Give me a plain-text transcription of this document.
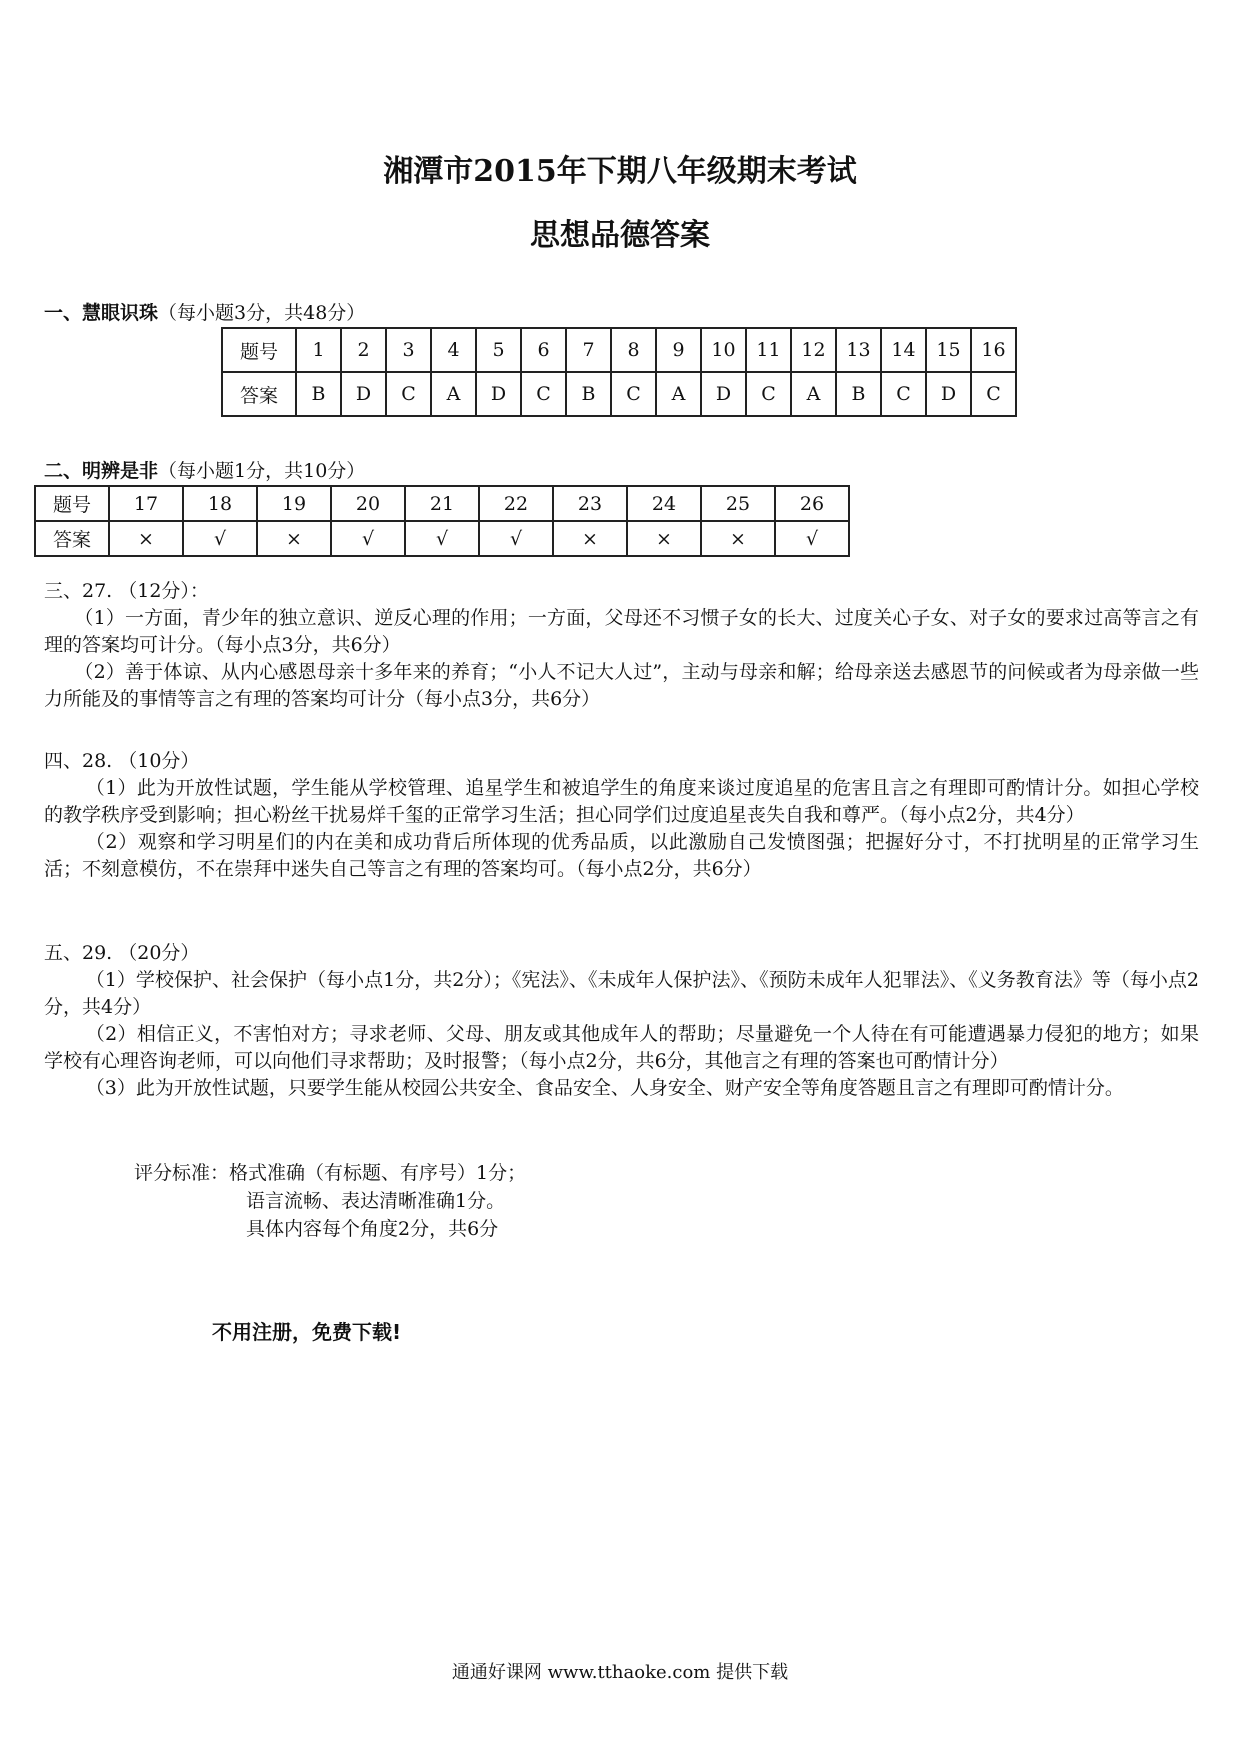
湘潭市2015年下期八年级期末考试
思想品德答案
一、慧眼识珠（每小题3分，共48分）
题号	1	2	3	4	5	6	7	8	9	10	11	12	13	14	15	16
答案	B	D	C	A	D	C	B	C	A	D	C	A	B	C	D	C
二、明辨是非（每小题1分，共10分）
题号	17	18	19	20	21	22	23	24	25	26
答案	×	√	×	√	√	√	×	×	×	√

三、27. （12分）：

（1）一方面，青少年的独立意识、逆反心理的作用；一方面，父母还不习惯子女的长大、过度关心子女、对子女的要求过高等言之有理的答案均可计分。（每小点3分，共6分）

（2）善于体谅、从内心感恩母亲十多年来的养育；“小人不记大人过”，主动与母亲和解；给母亲送去感恩节的问候或者为母亲做一些力所能及的事情等言之有理的答案均可计分（每小点3分，共6分）

四、28. （10分）

（1）此为开放性试题，学生能从学校管理、追星学生和被追学生的角度来谈过度追星的危害且言之有理即可酌情计分。如担心学校的教学秩序受到影响；担心粉丝干扰易烊千玺的正常学习生活；担心同学们过度追星丧失自我和尊严。（每小点2分，共4分）

（2）观察和学习明星们的内在美和成功背后所体现的优秀品质，以此激励自己发愤图强；把握好分寸，不打扰明星的正常学习生活；不刻意模仿，不在崇拜中迷失自己等言之有理的答案均可。（每小点2分，共6分）

五、29. （20分）

（1）学校保护、社会保护（每小点1分，共2分）；《宪法》、《未成年人保护法》、《预防未成年人犯罪法》、《义务教育法》等（每小点2分，共4分）

（2）相信正义，不害怕对方；寻求老师、父母、朋友或其他成年人的帮助；尽量避免一个人待在有可能遭遇暴力侵犯的地方；如果学校有心理咨询老师，可以向他们寻求帮助；及时报警；（每小点2分，共6分，其他言之有理的答案也可酌情计分）

（3）此为开放性试题，只要学生能从校园公共安全、食品安全、人身安全、财产安全等角度答题且言之有理即可酌情计分。

评分标准：格式准确（有标题、有序号）1分；
语言流畅、表达清晰准确1分。
具体内容每个角度2分，共6分
不用注册，免费下载!
通通好课网 www.tthaoke.com 提供下载
